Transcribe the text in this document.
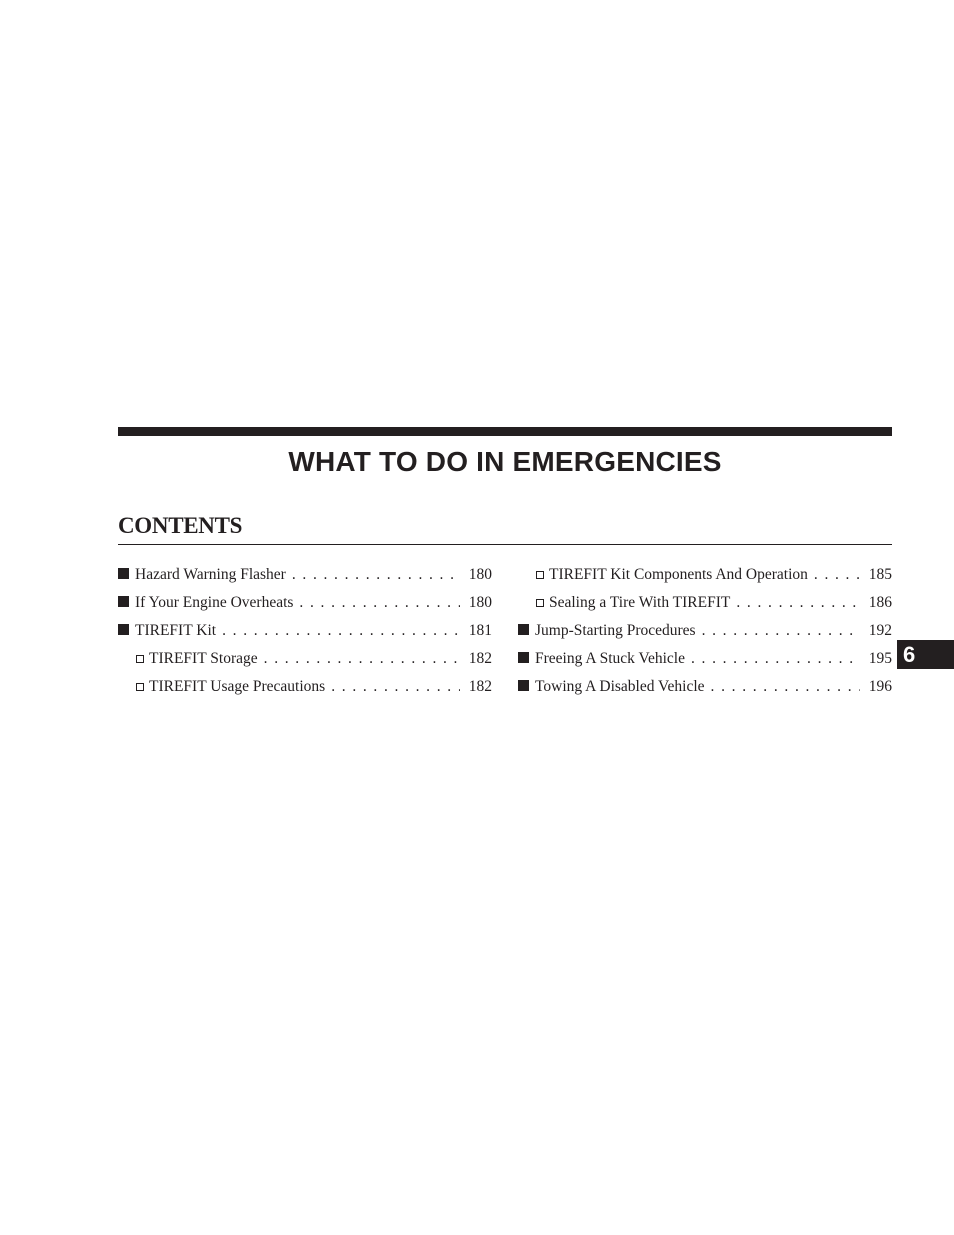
WHAT TO DO IN EMERGENCIES
CONTENTS
Hazard Warning Flasher . . .	180
If Your Engine Overheats . . .	180
TIREFIT Kit . . .	181
TIREFIT Storage . . .	182
TIREFIT Usage Precautions . . .	182
TIREFIT Kit Components And Operation . . .	185
Sealing a Tire With TIREFIT . . .	186
Jump-Starting Procedures . . .	192
Freeing A Stuck Vehicle . . .	195
Towing A Disabled Vehicle . . .	196
6
